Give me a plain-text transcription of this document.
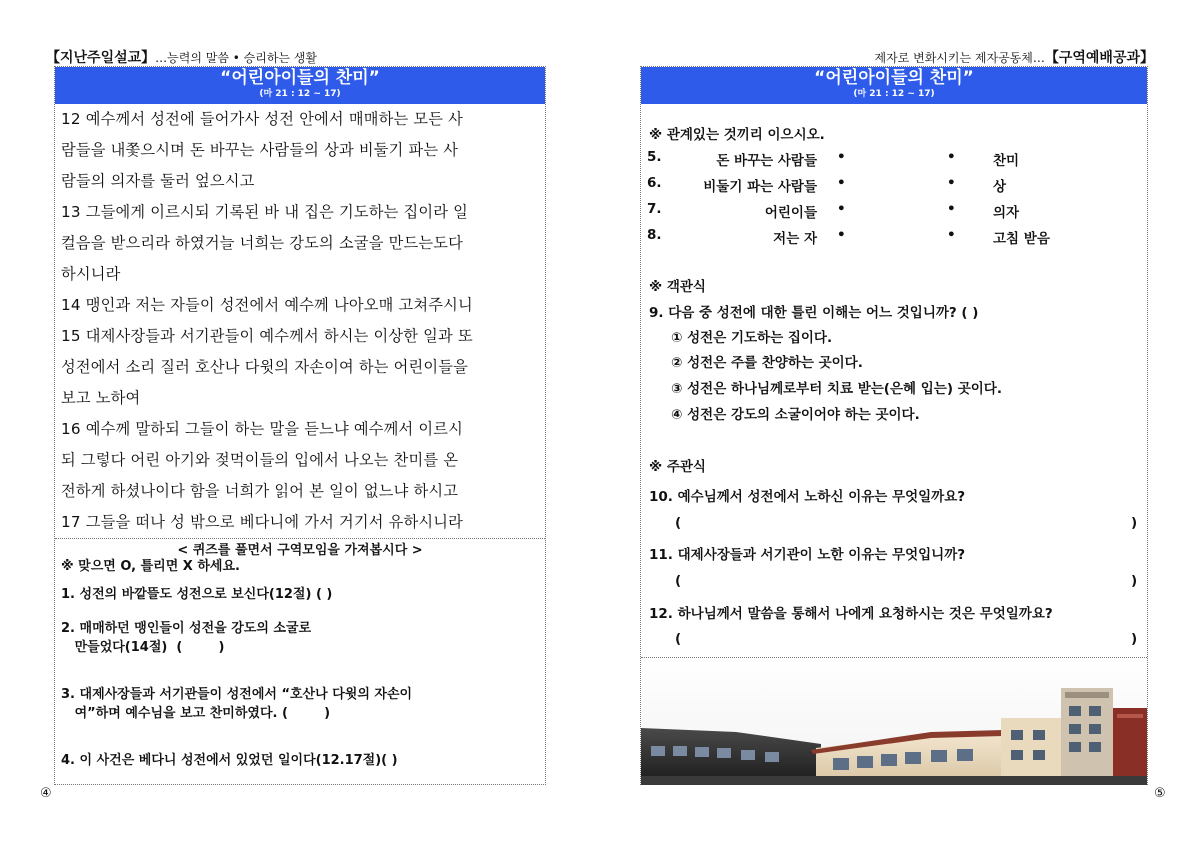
【지난주일설교】…능력의 말씀 • 승리하는 생활	제자로 변화시키는 제자공동체…【구역예배공과】
“어린아이들의 찬미”
(마 21 : 12 ~ 17)
12 예수께서 성전에 들어가사 성전 안에서 매매하는 모든 사
람들을 내쫓으시며 돈 바꾸는 사람들의 상과 비둘기 파는 사
람들의 의자를 둘러 엎으시고
13 그들에게 이르시되 기록된 바 내 집은 기도하는 집이라 일
컬음을 받으리라 하였거늘 너희는 강도의 소굴을 만드는도다
하시니라
14 맹인과 저는 자들이 성전에서 예수께 나아오매 고쳐주시니
15 대제사장들과 서기관들이 예수께서 하시는 이상한 일과 또
성전에서 소리 질러 호산나 다윗의 자손이여 하는 어린이들을
보고 노하여
16 예수께 말하되 그들이 하는 말을 듣느냐 예수께서 이르시
되 그렇다 어린 아기와 젖먹이들의 입에서 나오는 찬미를 온
전하게 하셨나이다 함을 너희가 읽어 본 일이 없느냐 하시고
17 그들을 떠나 성 밖으로 베다니에 가서 거기서 유하시니라
< 퀴즈를 풀면서 구역모임을 가져봅시다 >
※ 맞으면 O, 틀리면 X 하세요.
1. 성전의 바깥뜰도 성전으로 보신다(12절) ( )
2. 매매하던 맹인들이 성전을 강도의 소굴로
만들었다(14절)  (        )
3. 대제사장들과 서기관들이 성전에서 “호산나 다윗의 자손이
여”하며 예수님을 보고 찬미하였다. (        )
4. 이 사건은 베다니 성전에서 있었던 일이다(12.17절)( )
④
“어린아이들의 찬미”
(마 21 : 12 ~ 17)
※ 관계있는 것끼리 이으시오.
5.	돈 바꾸는 사람들 •	•	찬미
6.	비둘기 파는 사람들 •	•	상
7.	어린이들 •	•	의자
8.	저는 자 •	•	고침 받음
※ 객관식
9. 다음 중 성전에 대한 틀린 이해는 어느 것입니까? ( )
① 성전은 기도하는 집이다.
② 성전은 주를 찬양하는 곳이다.
③ 성전은 하나님께로부터 치료 받는(은혜 입는) 곳이다.
④ 성전은 강도의 소굴이어야 하는 곳이다.
※ 주관식
10. 예수님께서 성전에서 노하신 이유는 무엇일까요?
(	)
11. 대제사장들과 서기관이 노한 이유는 무엇입니까?
(	)
12. 하나님께서 말씀을 통해서 나에게 요청하시는 것은 무엇일까요?
(	)
⑤
